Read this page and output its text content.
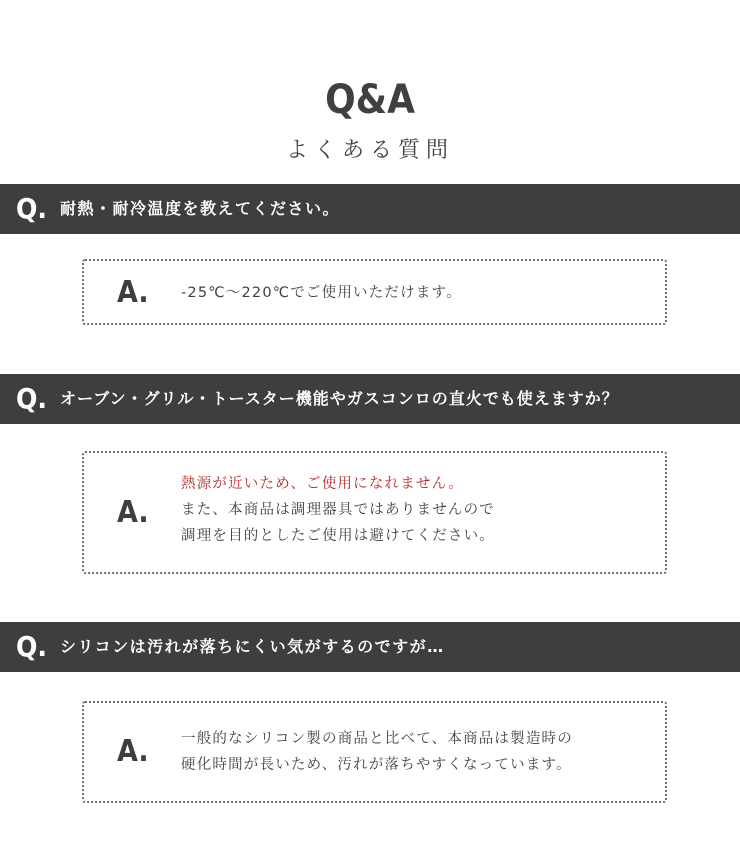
Q&A
よくある質問
Q. 耐熱・耐冷温度を教えてください。
A. -25℃〜220℃でご使用いただけます。
Q. オーブン・グリル・トースター機能やガスコンロの直火でも使えますか？
A.
熱源が近いため、ご使用になれません。
また、本商品は調理器具ではありませんので
調理を目的としたご使用は避けてください。
Q. シリコンは汚れが落ちにくい気がするのですが…
A. 一般的なシリコン製の商品と比べて、本商品は製造時の
硬化時間が長いため、汚れが落ちやすくなっています。
